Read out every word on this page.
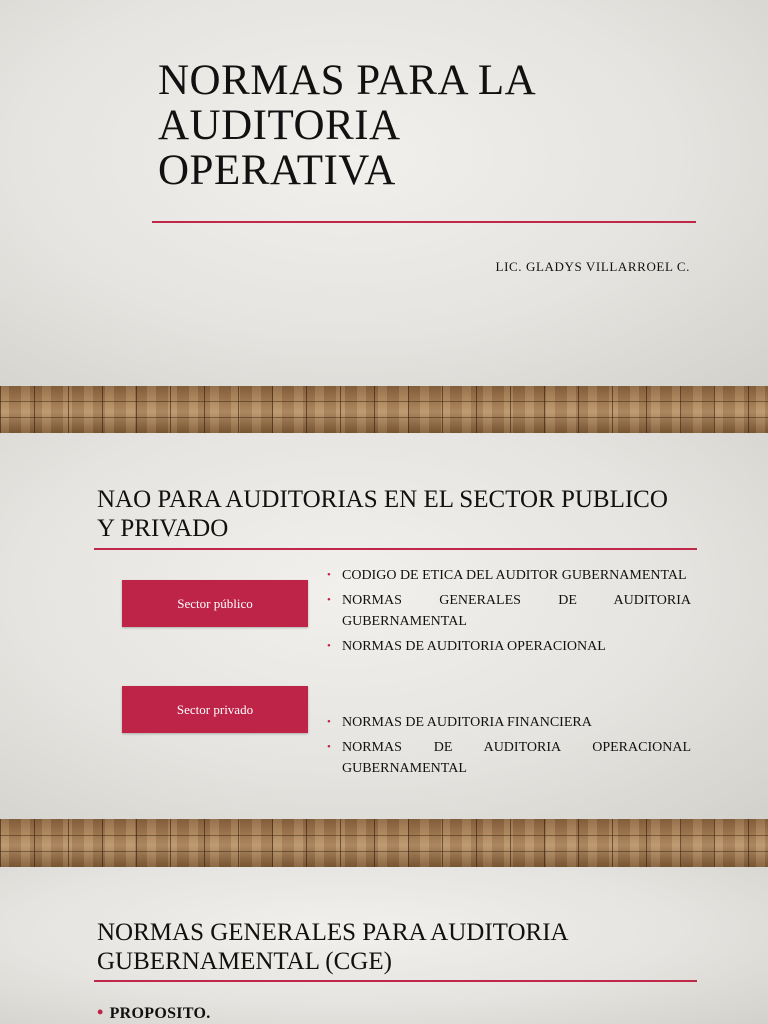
NORMAS PARA LA
AUDITORIA
OPERATIVA
LIC. GLADYS VILLARROEL C.
NAO PARA AUDITORIAS EN EL SECTOR PUBLICO
Y PRIVADO
Sector público
Sector privado
• CODIGO DE ETICA DEL AUDITOR GUBERNAMENTAL
• NORMAS GENERALES DE AUDITORIA GUBERNAMENTAL
• NORMAS DE AUDITORIA OPERACIONAL
• NORMAS DE AUDITORIA FINANCIERA
• NORMAS DE AUDITORIA OPERACIONAL GUBERNAMENTAL
NORMAS GENERALES PARA AUDITORIA
GUBERNAMENTAL (CGE)
• PROPOSITO.
